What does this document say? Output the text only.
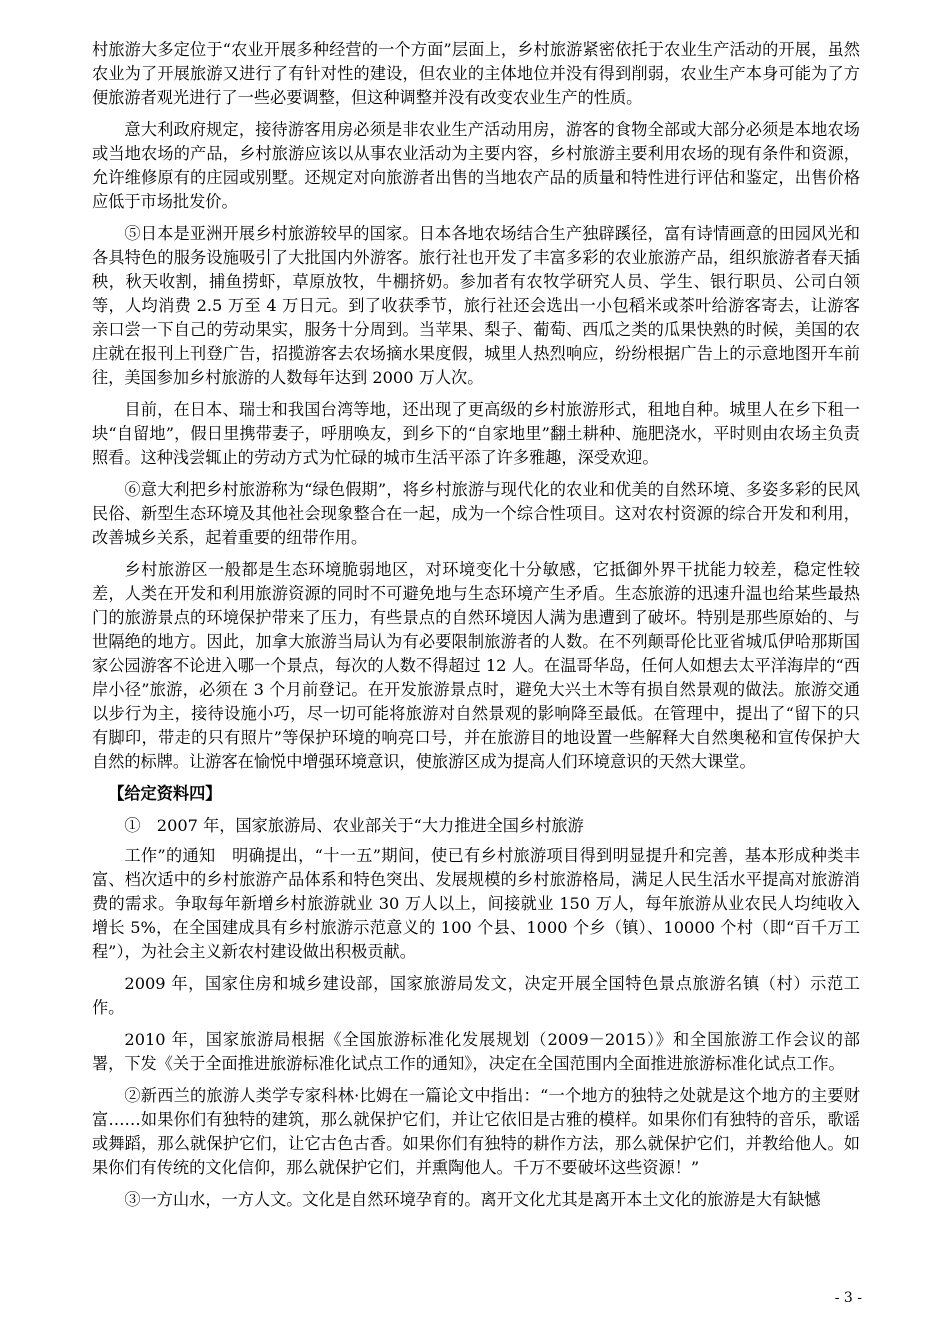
村旅游大多定位于“农业开展多种经营的一个方面”层面上，乡村旅游紧密依托于农业生产活动的开展，虽然农业为了开展旅游又进行了有针对性的建设，但农业的主体地位并没有得到削弱，农业生产本身可能为了方便旅游者观光进行了一些必要调整，但这种调整并没有改变农业生产的性质。

意大利政府规定，接待游客用房必须是非农业生产活动用房，游客的食物全部或大部分必须是本地农场或当地农场的产品，乡村旅游应该以从事农业活动为主要内容，乡村旅游主要利用农场的现有条件和资源，允许维修原有的庄园或别墅。还规定对向旅游者出售的当地农产品的质量和特性进行评估和鉴定，出售价格应低于市场批发价。

⑤日本是亚洲开展乡村旅游较早的国家。日本各地农场结合生产独辟蹊径，富有诗情画意的田园风光和各具特色的服务设施吸引了大批国内外游客。旅行社也开发了丰富多彩的农业旅游产品，组织旅游者春天插秧，秋天收割，捕鱼捞虾，草原放牧，牛棚挤奶。参加者有农牧学研究人员、学生、银行职员、公司白领等，人均消费 2.5 万至 4 万日元。到了收获季节，旅行社还会选出一小包稻米或茶叶给游客寄去，让游客亲口尝一下自己的劳动果实，服务十分周到。当苹果、梨子、葡萄、西瓜之类的瓜果快熟的时候，美国的农庄就在报刊上刊登广告，招揽游客去农场摘水果度假，城里人热烈响应，纷纷根据广告上的示意地图开车前往，美国参加乡村旅游的人数每年达到 2000 万人次。

目前，在日本、瑞士和我国台湾等地，还出现了更高级的乡村旅游形式，租地自种。城里人在乡下租一块“自留地”，假日里携带妻子，呼朋唤友，到乡下的“自家地里”翻土耕种、施肥浇水，平时则由农场主负责照看。这种浅尝辄止的劳动方式为忙碌的城市生活平添了许多雅趣，深受欢迎。

⑥意大利把乡村旅游称为“绿色假期”，将乡村旅游与现代化的农业和优美的自然环境、多姿多彩的民风民俗、新型生态环境及其他社会现象整合在一起，成为一个综合性项目。这对农村资源的综合开发和利用，改善城乡关系，起着重要的纽带作用。

乡村旅游区一般都是生态环境脆弱地区，对环境变化十分敏感，它抵御外界干扰能力较差，稳定性较差，人类在开发和利用旅游资源的同时不可避免地与生态环境产生矛盾。生态旅游的迅速升温也给某些最热门的旅游景点的环境保护带来了压力，有些景点的自然环境因人满为患遭到了破坏。特别是那些原始的、与世隔绝的地方。因此，加拿大旅游当局认为有必要限制旅游者的人数。在不列颠哥伦比亚省城瓜伊哈那斯国家公园游客不论进入哪一个景点，每次的人数不得超过 12 人。在温哥华岛，任何人如想去太平洋海岸的“西岸小径”旅游，必须在 3 个月前登记。在开发旅游景点时，避免大兴土木等有损自然景观的做法。旅游交通以步行为主，接待设施小巧，尽一切可能将旅游对自然景观的影响降至最低。在管理中，提出了“留下的只有脚印，带走的只有照片”等保护环境的响亮口号，并在旅游目的地设置一些解释大自然奥秘和宣传保护大自然的标牌。让游客在愉悦中增强环境意识，使旅游区成为提高人们环境意识的天然大课堂。

【给定资料四】

①　2007 年，国家旅游局、农业部关于“大力推进全国乡村旅游

工作”的通知　明确提出，“十一五”期间，使已有乡村旅游项目得到明显提升和完善，基本形成种类丰富、档次适中的乡村旅游产品体系和特色突出、发展规模的乡村旅游格局，满足人民生活水平提高对旅游消费的需求。争取每年新增乡村旅游就业 30 万人以上，间接就业 150 万人，每年旅游从业农民人均纯收入增长 5%，在全国建成具有乡村旅游示范意义的 100 个县、1000 个乡（镇）、10000 个村（即“百千万工程”），为社会主义新农村建设做出积极贡献。

2009 年，国家住房和城乡建设部，国家旅游局发文，决定开展全国特色景点旅游名镇（村）示范工作。

2010 年，国家旅游局根据《全国旅游标准化发展规划（2009－2015）》和全国旅游工作会议的部署，下发《关于全面推进旅游标准化试点工作的通知》，决定在全国范围内全面推进旅游标准化试点工作。

②新西兰的旅游人类学专家科林·比姆在一篇论文中指出：“一个地方的独特之处就是这个地方的主要财富……如果你们有独特的建筑，那么就保护它们，并让它依旧是古雅的模样。如果你们有独特的音乐，歌谣或舞蹈，那么就保护它们，让它古色古香。如果你们有独特的耕作方法，那么就保护它们，并教给他人。如果你们有传统的文化信仰，那么就保护它们，并熏陶他人。千万不要破坏这些资源！”

③一方山水，一方人文。文化是自然环境孕育的。离开文化尤其是离开本土文化的旅游是大有缺憾

- 3 -
